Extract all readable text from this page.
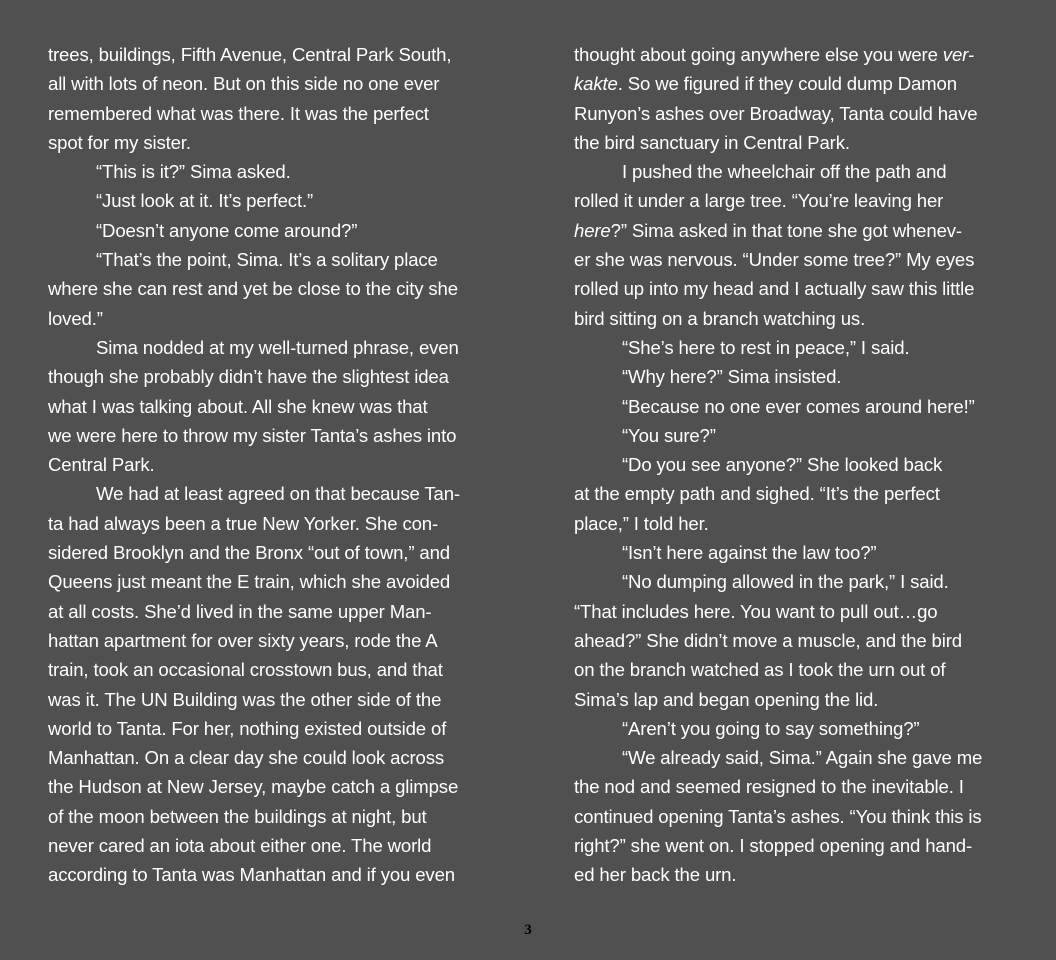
trees, buildings, Fifth Avenue, Central Park South,
all with lots of neon. But on this side no one ever
remembered what was there. It was the perfect
spot for my sister.
“This is it?” Sima asked.
“Just look at it. It’s perfect.”
“Doesn’t anyone come around?”
“That’s the point, Sima. It’s a solitary place
where she can rest and yet be close to the city she
loved.”
Sima nodded at my well-turned phrase, even
though she probably didn’t have the slightest idea
what I was talking about. All she knew was that
we were here to throw my sister Tanta’s ashes into
Central Park.
We had at least agreed on that because Tan-
ta had always been a true New Yorker. She con-
sidered Brooklyn and the Bronx “out of town,” and
Queens just meant the E train, which she avoided
at all costs. She’d lived in the same upper Man-
hattan apartment for over sixty years, rode the A
train, took an occasional crosstown bus, and that
was it. The UN Building was the other side of the
world to Tanta. For her, nothing existed outside of
Manhattan. On a clear day she could look across
the Hudson at New Jersey, maybe catch a glimpse
of the moon between the buildings at night, but
never cared an iota about either one. The world
according to Tanta was Manhattan and if you even
thought about going anywhere else you were ver-
kakte. So we figured if they could dump Damon
Runyon’s ashes over Broadway, Tanta could have
the bird sanctuary in Central Park.
I pushed the wheelchair off the path and
rolled it under a large tree. “You’re leaving her
here?” Sima asked in that tone she got whenev-
er she was nervous. “Under some tree?” My eyes
rolled up into my head and I actually saw this little
bird sitting on a branch watching us.
“She’s here to rest in peace,” I said.
“Why here?” Sima insisted.
“Because no one ever comes around here!”
“You sure?”
“Do you see anyone?” She looked back
at the empty path and sighed. “It’s the perfect
place,” I told her.
“Isn’t here against the law too?”
“No dumping allowed in the park,” I said.
“That includes here. You want to pull out…go
ahead?” She didn’t move a muscle, and the bird
on the branch watched as I took the urn out of
Sima’s lap and began opening the lid.
“Aren’t you going to say something?”
“We already said, Sima.” Again she gave me
the nod and seemed resigned to the inevitable. I
continued opening Tanta’s ashes. “You think this is
right?” she went on. I stopped opening and hand-
ed her back the urn.
3
